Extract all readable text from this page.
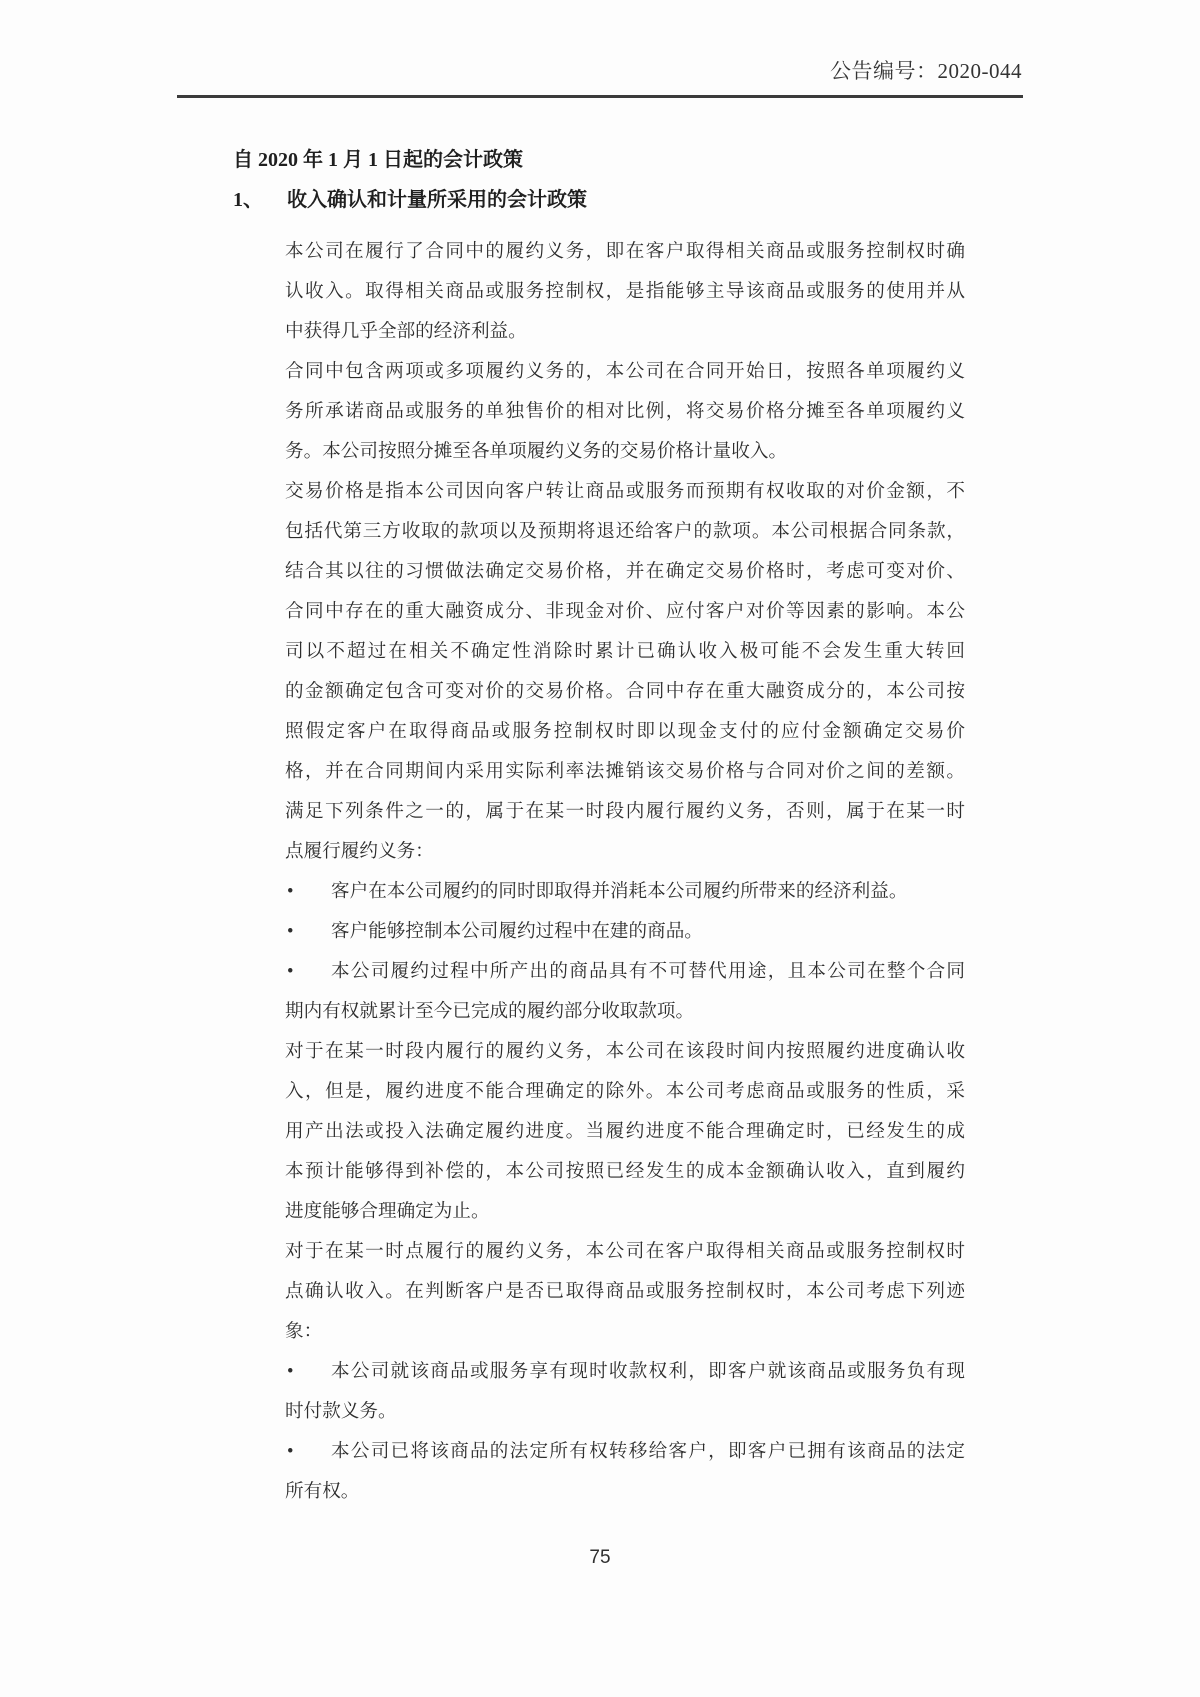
公告编号：2020-044
自 2020 年 1 月 1 日起的会计政策
1、 收入确认和计量所采用的会计政策
本公司在履行了合同中的履约义务，即在客户取得相关商品或服务控制权时确
认收入。取得相关商品或服务控制权，是指能够主导该商品或服务的使用并从
中获得几乎全部的经济利益。
合同中包含两项或多项履约义务的，本公司在合同开始日，按照各单项履约义
务所承诺商品或服务的单独售价的相对比例，将交易价格分摊至各单项履约义
务。本公司按照分摊至各单项履约义务的交易价格计量收入。
交易价格是指本公司因向客户转让商品或服务而预期有权收取的对价金额，不
包括代第三方收取的款项以及预期将退还给客户的款项。本公司根据合同条款，
结合其以往的习惯做法确定交易价格，并在确定交易价格时，考虑可变对价、
合同中存在的重大融资成分、非现金对价、应付客户对价等因素的影响。本公
司以不超过在相关不确定性消除时累计已确认收入极可能不会发生重大转回
的金额确定包含可变对价的交易价格。合同中存在重大融资成分的，本公司按
照假定客户在取得商品或服务控制权时即以现金支付的应付金额确定交易价
格，并在合同期间内采用实际利率法摊销该交易价格与合同对价之间的差额。
满足下列条件之一的，属于在某一时段内履行履约义务，否则，属于在某一时
点履行履约义务：
• 客户在本公司履约的同时即取得并消耗本公司履约所带来的经济利益。
• 客户能够控制本公司履约过程中在建的商品。
• 本公司履约过程中所产出的商品具有不可替代用途，且本公司在整个合同
期内有权就累计至今已完成的履约部分收取款项。
对于在某一时段内履行的履约义务，本公司在该段时间内按照履约进度确认收
入，但是，履约进度不能合理确定的除外。本公司考虑商品或服务的性质，采
用产出法或投入法确定履约进度。当履约进度不能合理确定时，已经发生的成
本预计能够得到补偿的，本公司按照已经发生的成本金额确认收入，直到履约
进度能够合理确定为止。
对于在某一时点履行的履约义务，本公司在客户取得相关商品或服务控制权时
点确认收入。在判断客户是否已取得商品或服务控制权时，本公司考虑下列迹
象：
• 本公司就该商品或服务享有现时收款权利，即客户就该商品或服务负有现
时付款义务。
• 本公司已将该商品的法定所有权转移给客户，即客户已拥有该商品的法定
所有权。
75
